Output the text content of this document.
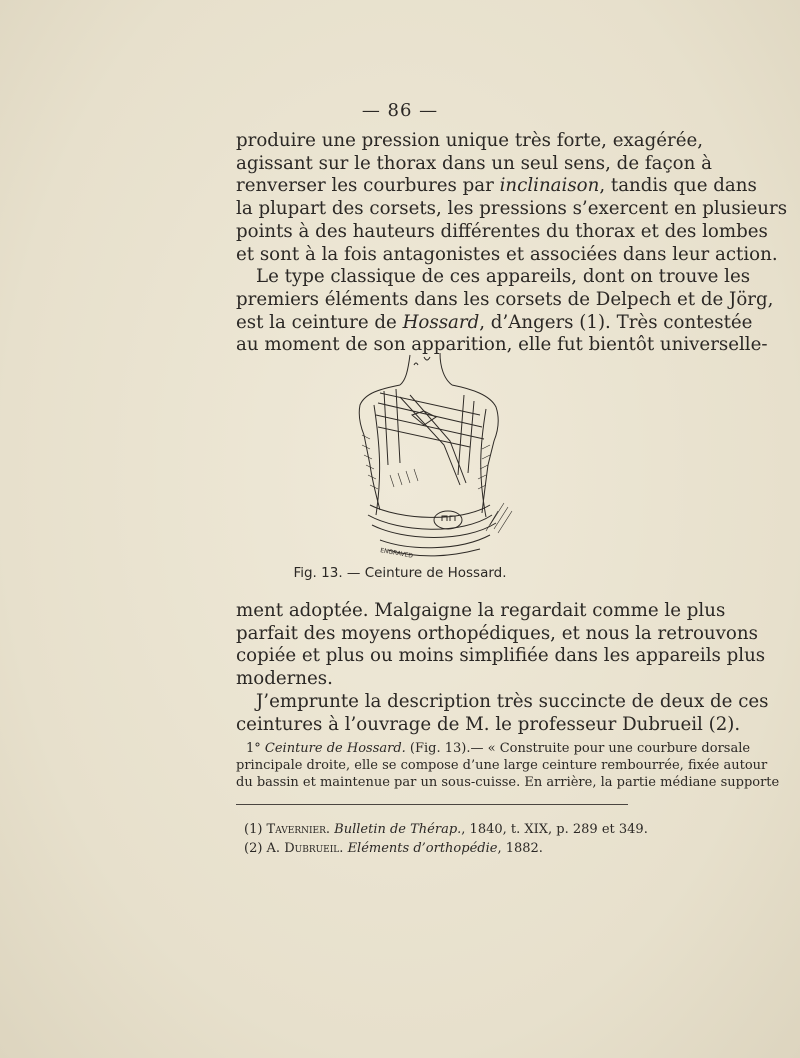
— 86 —
produire une pression unique très forte, exagérée,
agissant sur le thorax dans un seul sens, de façon à
renverser les courbures par inclinaison, tandis que dans
la plupart des corsets, les pressions s’exercent en plusieurs
points à des hauteurs différentes du thorax et des lombes
et sont à la fois antagonistes et associées dans leur action.
Le type classique de ces appareils, dont on trouve les
premiers éléments dans les corsets de Delpech et de Jörg,
est la ceinture de Hossard, d’Angers (1). Très contestée
au moment de son apparition, elle fut bientôt universelle-
ENGRAVED
Fig. 13. — Ceinture de Hossard.
ment adoptée. Malgaigne la regardait comme le plus
parfait des moyens orthopédiques, et nous la retrouvons
copiée et plus ou moins simplifiée dans les appareils plus
modernes.
J’emprunte la description très succincte de deux de ces
ceintures à l’ouvrage de M. le professeur Dubrueil (2).
1° Ceinture de Hossard. (Fig. 13).— « Construite pour une courbure dorsale
principale droite, elle se compose d’une large ceinture rembourrée, fixée autour
du bassin et maintenue par un sous-cuisse. En arrière, la partie médiane supporte
(1) Tavernier. Bulletin de Thérap., 1840, t. XIX, p. 289 et 349.
(2) A. Dubrueil. Eléments d’orthopédie, 1882.
